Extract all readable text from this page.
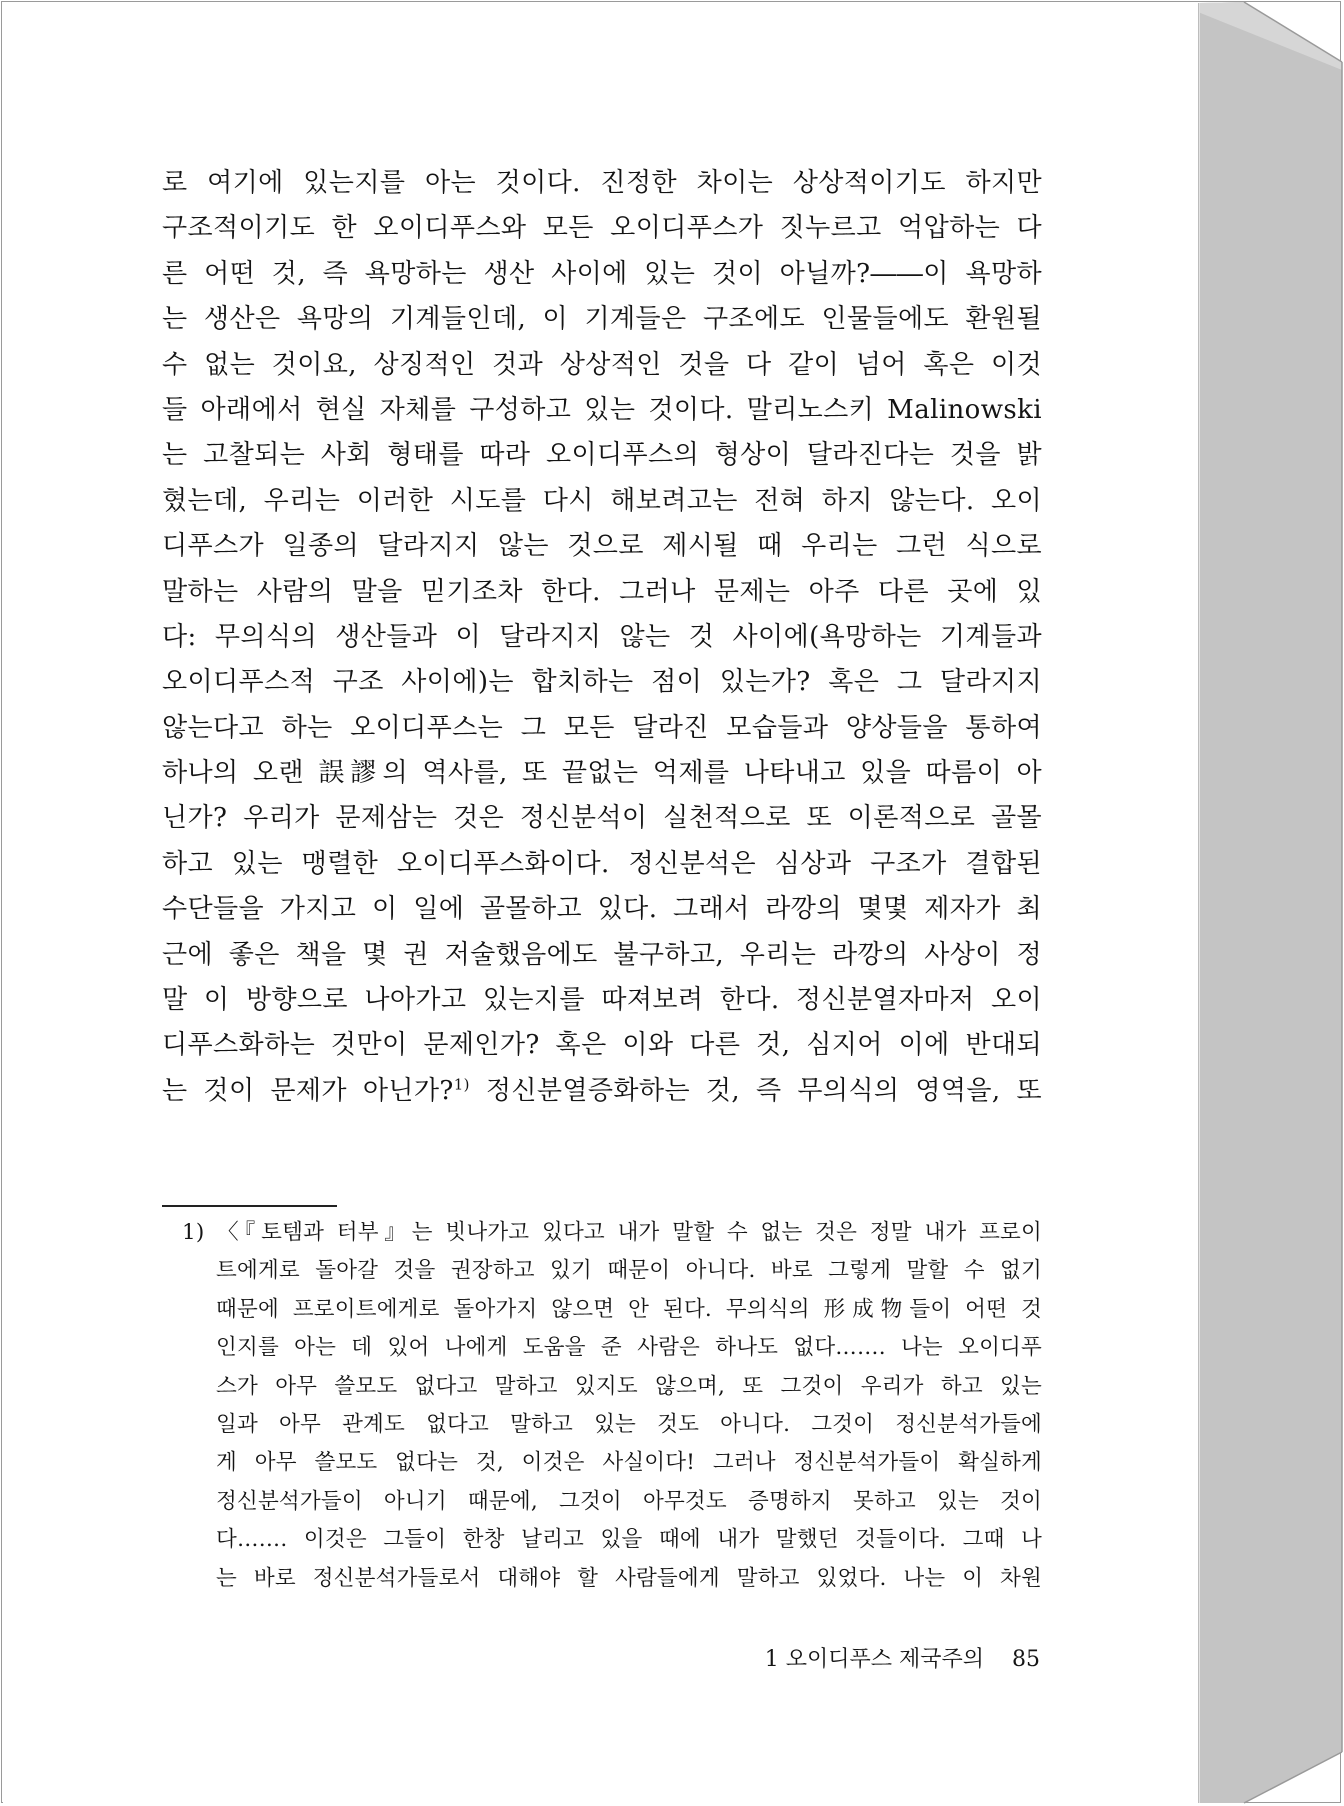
로 여기에 있는지를 아는 것이다. 진정한 차이는 상상적이기도 하지만
구조적이기도 한 오이디푸스와 모든 오이디푸스가 짓누르고 억압하는 다
른 어떤 것, 즉 욕망하는 생산 사이에 있는 것이 아닐까?――이 욕망하
는 생산은 욕망의 기계들인데, 이 기계들은 구조에도 인물들에도 환원될
수 없는 것이요, 상징적인 것과 상상적인 것을 다 같이 넘어 혹은 이것
들 아래에서 현실 자체를 구성하고 있는 것이다. 말리노스키 Malinowski
는 고찰되는 사회 형태를 따라 오이디푸스의 형상이 달라진다는 것을 밝
혔는데, 우리는 이러한 시도를 다시 해보려고는 전혀 하지 않는다. 오이
디푸스가 일종의 달라지지 않는 것으로 제시될 때 우리는 그런 식으로
말하는 사람의 말을 믿기조차 한다. 그러나 문제는 아주 다른 곳에 있
다: 무의식의 생산들과 이 달라지지 않는 것 사이에(욕망하는 기계들과
오이디푸스적 구조 사이에)는 합치하는 점이 있는가? 혹은 그 달라지지
않는다고 하는 오이디푸스는 그 모든 달라진 모습들과 양상들을 통하여
하나의 오랜 誤謬의 역사를, 또 끝없는 억제를 나타내고 있을 따름이 아
닌가? 우리가 문제삼는 것은 정신분석이 실천적으로 또 이론적으로 골몰
하고 있는 맹렬한 오이디푸스화이다. 정신분석은 심상과 구조가 결합된
수단들을 가지고 이 일에 골몰하고 있다. 그래서 라깡의 몇몇 제자가 최
근에 좋은 책을 몇 권 저술했음에도 불구하고, 우리는 라깡의 사상이 정
말 이 방향으로 나아가고 있는지를 따져보려 한다. 정신분열자마저 오이
디푸스화하는 것만이 문제인가? 혹은 이와 다른 것, 심지어 이에 반대되
는 것이 문제가 아닌가?$^{1)}$ 정신분열증화하는 것, 즉 무의식의 영역을, 또
1) 〈『토템과 터부』는 빗나가고 있다고 내가 말할 수 없는 것은 정말 내가 프로이
트에게로 돌아갈 것을 권장하고 있기 때문이 아니다. 바로 그렇게 말할 수 없기
때문에 프로이트에게로 돌아가지 않으면 안 된다. 무의식의 形成物들이 어떤 것
인지를 아는 데 있어 나에게 도움을 준 사람은 하나도 없다……. 나는 오이디푸
스가 아무 쓸모도 없다고 말하고 있지도 않으며, 또 그것이 우리가 하고 있는
일과 아무 관계도 없다고 말하고 있는 것도 아니다. 그것이 정신분석가들에
게 아무 쓸모도 없다는 것, 이것은 사실이다! 그러나 정신분석가들이 확실하게
정신분석가들이 아니기 때문에, 그것이 아무것도 증명하지 못하고 있는 것이
다……. 이것은 그들이 한창 날리고 있을 때에 내가 말했던 것들이다. 그때 나
는 바로 정신분석가들로서 대해야 할 사람들에게 말하고 있었다. 나는 이 차원
1 오이디푸스 제국주의 85
